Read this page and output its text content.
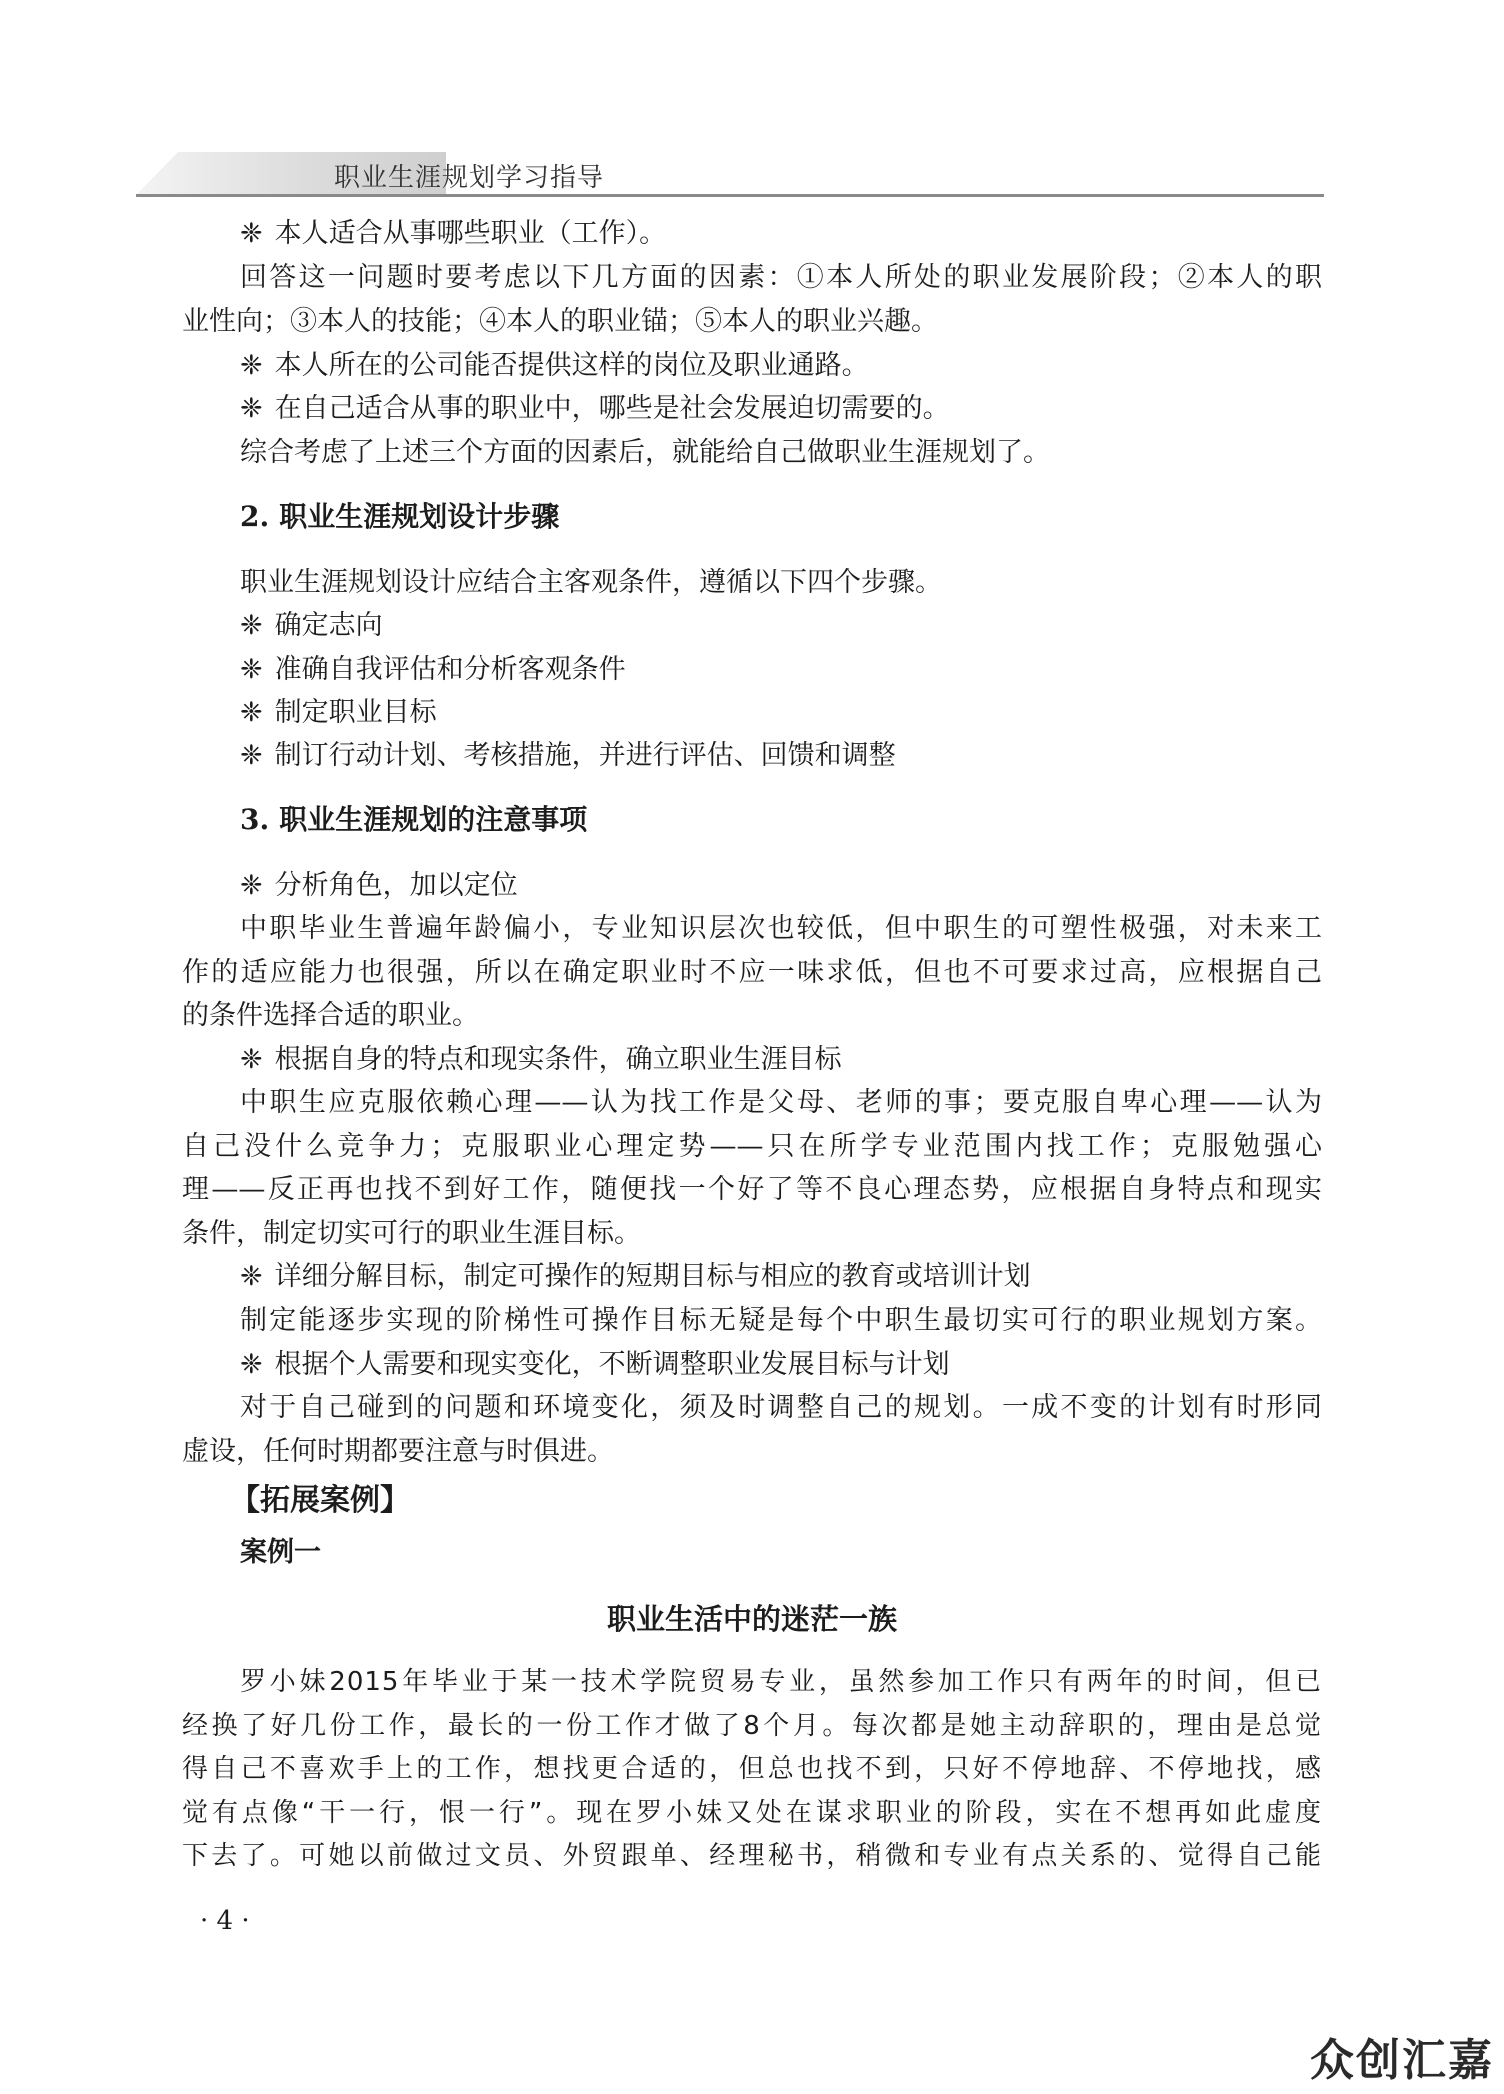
职业生涯规划学习指导
❈ 本人适合从事哪些职业（工作）。
回答这一问题时要考虑以下几方面的因素：①本人所处的职业发展阶段；②本人的职
业性向；③本人的技能；④本人的职业锚；⑤本人的职业兴趣。
❈ 本人所在的公司能否提供这样的岗位及职业通路。
❈ 在自己适合从事的职业中，哪些是社会发展迫切需要的。
综合考虑了上述三个方面的因素后，就能给自己做职业生涯规划了。
2. 职业生涯规划设计步骤
职业生涯规划设计应结合主客观条件，遵循以下四个步骤。
❈ 确定志向
❈ 准确自我评估和分析客观条件
❈ 制定职业目标
❈ 制订行动计划、考核措施，并进行评估、回馈和调整
3. 职业生涯规划的注意事项
❈ 分析角色，加以定位
中职毕业生普遍年龄偏小，专业知识层次也较低，但中职生的可塑性极强，对未来工
作的适应能力也很强，所以在确定职业时不应一味求低，但也不可要求过高，应根据自己
的条件选择合适的职业。
❈ 根据自身的特点和现实条件，确立职业生涯目标
中职生应克服依赖心理——认为找工作是父母、老师的事；要克服自卑心理——认为
自己没什么竞争力；克服职业心理定势——只在所学专业范围内找工作；克服勉强心
理——反正再也找不到好工作，随便找一个好了等不良心理态势，应根据自身特点和现实
条件，制定切实可行的职业生涯目标。
❈ 详细分解目标，制定可操作的短期目标与相应的教育或培训计划
制定能逐步实现的阶梯性可操作目标无疑是每个中职生最切实可行的职业规划方案。
❈ 根据个人需要和现实变化，不断调整职业发展目标与计划
对于自己碰到的问题和环境变化，须及时调整自己的规划。一成不变的计划有时形同
虚设，任何时期都要注意与时俱进。
【拓展案例】
案例一
职业生活中的迷茫一族
罗小妹2015年毕业于某一技术学院贸易专业，虽然参加工作只有两年的时间，但已
经换了好几份工作，最长的一份工作才做了8个月。每次都是她主动辞职的，理由是总觉
得自己不喜欢手上的工作，想找更合适的，但总也找不到，只好不停地辞、不停地找，感
觉有点像“干一行，恨一行”。现在罗小妹又处在谋求职业的阶段，实在不想再如此虚度
下去了。可她以前做过文员、外贸跟单、经理秘书，稍微和专业有点关系的、觉得自己能
· 4 ·
众创汇嘉
